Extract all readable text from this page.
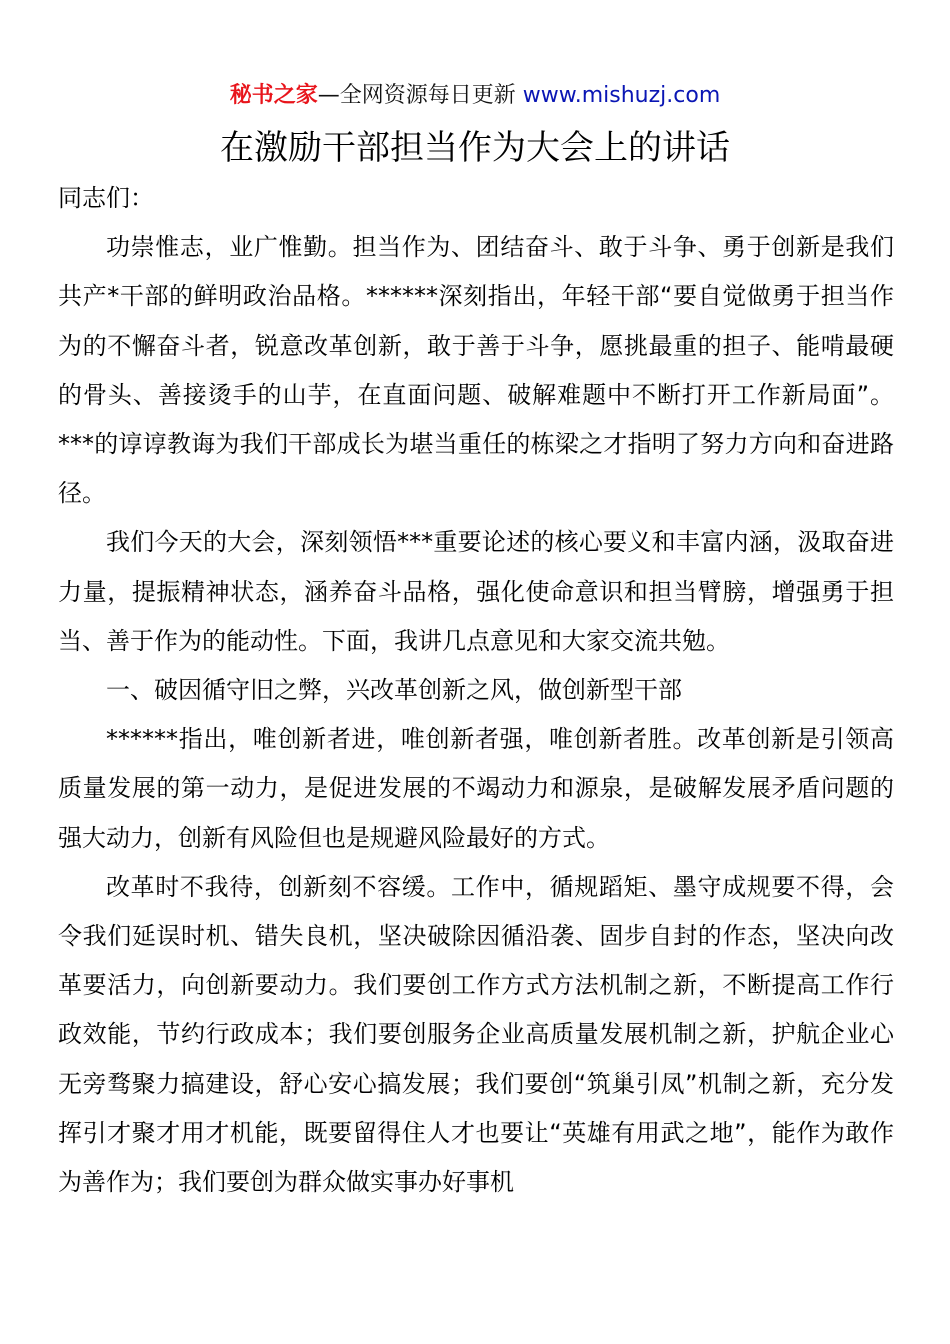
秘书之家—全网资源每日更新 www.mishuzj.com
在激励干部担当作为大会上的讲话

同志们：

功崇惟志，业广惟勤。担当作为、团结奋斗、敢于斗争、勇于创新是我们共产*干部的鲜明政治品格。******深刻指出，年轻干部“要自觉做勇于担当作为的不懈奋斗者，锐意改革创新，敢于善于斗争，愿挑最重的担子、能啃最硬的骨头、善接烫手的山芋，在直面问题、破解难题中不断打开工作新局面”。***的谆谆教诲为我们干部成长为堪当重任的栋梁之才指明了努力方向和奋进路径。

我们今天的大会，深刻领悟***重要论述的核心要义和丰富内涵，汲取奋进力量，提振精神状态，涵养奋斗品格，强化使命意识和担当臂膀，增强勇于担当、善于作为的能动性。下面，我讲几点意见和大家交流共勉。

一、破因循守旧之弊，兴改革创新之风，做创新型干部

******指出，唯创新者进，唯创新者强，唯创新者胜。改革创新是引领高质量发展的第一动力，是促进发展的不竭动力和源泉，是破解发展矛盾问题的强大动力，创新有风险但也是规避风险最好的方式。

改革时不我待，创新刻不容缓。工作中，循规蹈矩、墨守成规要不得，会令我们延误时机、错失良机，坚决破除因循沿袭、固步自封的作态，坚决向改革要活力，向创新要动力。我们要创工作方式方法机制之新，不断提高工作行政效能，节约行政成本；我们要创服务企业高质量发展机制之新，护航企业心无旁骛聚力搞建设，舒心安心搞发展；我们要创“筑巢引凤”机制之新，充分发挥引才聚才用才机能，既要留得住人才也要让“英雄有用武之地”，能作为敢作为善作为；我们要创为群众做实事办好事机
